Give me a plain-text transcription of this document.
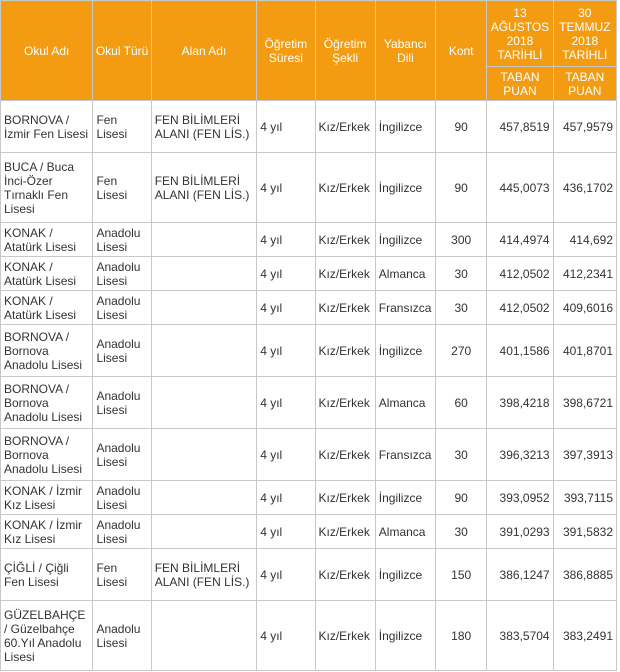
Okul Adı	Okul Türü	Alan Adı	Öğretim Süresi	Öğretim Şekli	Yabancı Dili	Kont	13 AĞUSTOS 2018 TARİHLİ	30 TEMMUZ 2018 TARİHLİ
							TABAN PUAN	TABAN PUAN
BORNOVA / İzmir Fen Lisesi	Fen Lisesi	FEN BİLİMLERİ ALANI (FEN LİS.)	4 yıl	Kız/Erkek	İngilizce	90	457,8519	457,9579
BUCA / Buca İnci-Özer Tırnaklı Fen Lisesi	Fen Lisesi	FEN BİLİMLERİ ALANI (FEN LİS.)	4 yıl	Kız/Erkek	İngilizce	90	445,0073	436,1702
KONAK / Atatürk Lisesi	Anadolu Lisesi		4 yıl	Kız/Erkek	İngilizce	300	414,4974	414,692
KONAK / Atatürk Lisesi	Anadolu Lisesi		4 yıl	Kız/Erkek	Almanca	30	412,0502	412,2341
KONAK / Atatürk Lisesi	Anadolu Lisesi		4 yıl	Kız/Erkek	Fransızca	30	412,0502	409,6016
BORNOVA / Bornova Anadolu Lisesi	Anadolu Lisesi		4 yıl	Kız/Erkek	İngilizce	270	401,1586	401,8701
BORNOVA / Bornova Anadolu Lisesi	Anadolu Lisesi		4 yıl	Kız/Erkek	Almanca	60	398,4218	398,6721
BORNOVA / Bornova Anadolu Lisesi	Anadolu Lisesi		4 yıl	Kız/Erkek	Fransızca	30	396,3213	397,3913
KONAK / İzmir Kız Lisesi	Anadolu Lisesi		4 yıl	Kız/Erkek	İngilizce	90	393,0952	393,7115
KONAK / İzmir Kız Lisesi	Anadolu Lisesi		4 yıl	Kız/Erkek	Almanca	30	391,0293	391,5832
ÇİĞLİ / Çiğli Fen Lisesi	Fen Lisesi	FEN BİLİMLERİ ALANI (FEN LİS.)	4 yıl	Kız/Erkek	İngilizce	150	386,1247	386,8885
GÜZELBAHÇE / Güzelbahçe 60.Yıl Anadolu Lisesi	Anadolu Lisesi		4 yıl	Kız/Erkek	İngilizce	180	383,5704	383,2491
